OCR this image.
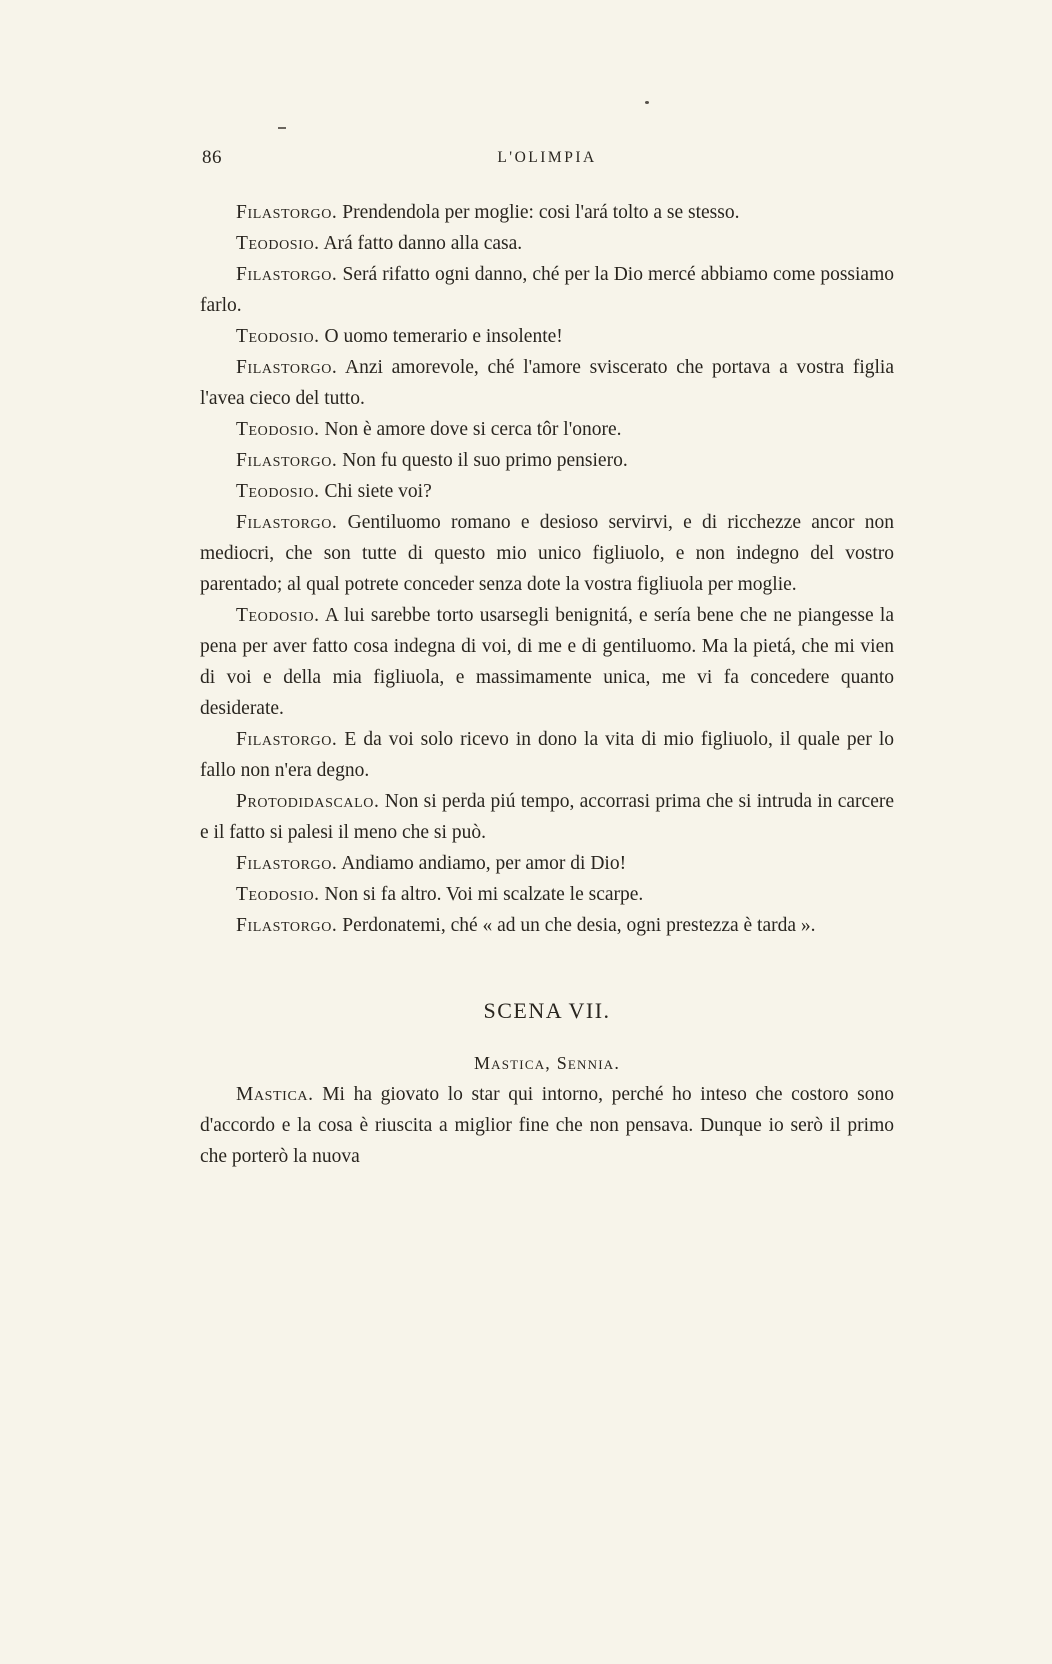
86	L'OLIMPIA

Filastorgo. Prendendola per moglie: cosi l'ará tolto a se stesso.

Teodosio. Ará fatto danno alla casa.

Filastorgo. Será rifatto ogni danno, ché per la Dio mercé abbiamo come possiamo farlo.

Teodosio. O uomo temerario e insolente!

Filastorgo. Anzi amorevole, ché l'amore sviscerato che portava a vostra figlia l'avea cieco del tutto.

Teodosio. Non è amore dove si cerca tôr l'onore.

Filastorgo. Non fu questo il suo primo pensiero.

Teodosio. Chi siete voi?

Filastorgo. Gentiluomo romano e desioso servirvi, e di ricchezze ancor non mediocri, che son tutte di questo mio unico figliuolo, e non indegno del vostro parentado; al qual potrete conceder senza dote la vostra figliuola per moglie.

Teodosio. A lui sarebbe torto usarsegli benignitá, e sería bene che ne piangesse la pena per aver fatto cosa indegna di voi, di me e di gentiluomo. Ma la pietá, che mi vien di voi e della mia figliuola, e massimamente unica, me vi fa concedere quanto desiderate.

Filastorgo. E da voi solo ricevo in dono la vita di mio figliuolo, il quale per lo fallo non n'era degno.

Protodidascalo. Non si perda piú tempo, accorrasi prima che si intruda in carcere e il fatto si palesi il meno che si può.

Filastorgo. Andiamo andiamo, per amor di Dio!

Teodosio. Non si fa altro. Voi mi scalzate le scarpe.

Filastorgo. Perdonatemi, ché « ad un che desia, ogni prestezza è tarda ».

SCENA VII.
Mastica, Sennia.

Mastica. Mi ha giovato lo star qui intorno, perché ho inteso che costoro sono d'accordo e la cosa è riuscita a miglior fine che non pensava. Dunque io serò il primo che porterò la nuova
